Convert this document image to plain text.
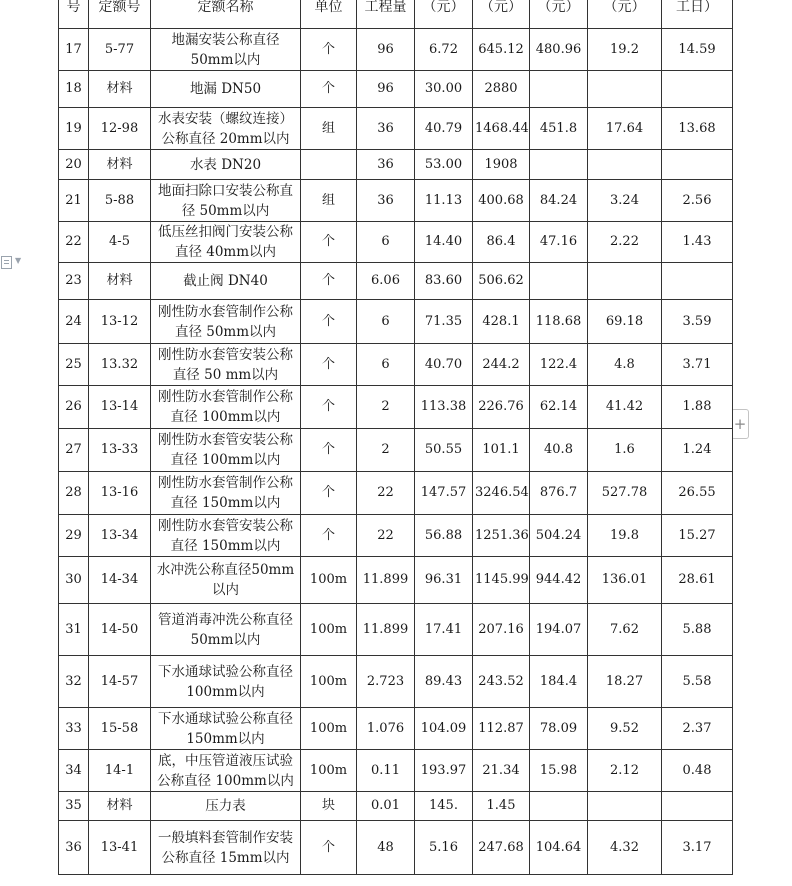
▼
+
号	定额号	定额名称	单位	工程量	（元）	（元）	（元）	（元）	工日）
17	5-77	地漏安装公称直径50mm以内	个	96	6.72	645.12	480.96	19.2	14.59
18	材料	地漏 DN50	个	96	30.00	2880			
19	12-98	水表安装（螺纹连接）公称直径 20mm以内	组	36	40.79	1468.44	451.8	17.64	13.68
20	材料	水表 DN20		36	53.00	1908			
21	5-88	地面扫除口安装公称直径 50mm以内	组	36	11.13	400.68	84.24	3.24	2.56
22	4-5	低压丝扣阀门安装公称直径 40mm以内	个	6	14.40	86.4	47.16	2.22	1.43
23	材料	截止阀 DN40	个	6.06	83.60	506.62			
24	13-12	刚性防水套管制作公称直径 50mm以内	个	6	71.35	428.1	118.68	69.18	3.59
25	13.32	刚性防水套管安装公称直径 50 mm以内	个	6	40.70	244.2	122.4	4.8	3.71
26	13-14	刚性防水套管制作公称直径 100mm以内	个	2	113.38	226.76	62.14	41.42	1.88
27	13-33	刚性防水套管安装公称直径 100mm以内	个	2	50.55	101.1	40.8	1.6	1.24
28	13-16	刚性防水套管制作公称直径 150mm以内	个	22	147.57	3246.54	876.7	527.78	26.55
29	13-34	刚性防水套管安装公称直径 150mm以内	个	22	56.88	1251.36	504.24	19.8	15.27
30	14-34	水冲洗公称直径50mm以内	100m	11.899	96.31	1145.99	944.42	136.01	28.61
31	14-50	管道消毒冲洗公称直径 50mm以内	100m	11.899	17.41	207.16	194.07	7.62	5.88
32	14-57	下水通球试验公称直径 100mm以内	100m	2.723	89.43	243.52	184.4	18.27	5.58
33	15-58	下水通球试验公称直径 150mm以内	100m	1.076	104.09	112.87	78.09	9.52	2.37
34	14-1	底，中压管道液压试验公称直径 100mm以内	100m	0.11	193.97	21.34	15.98	2.12	0.48
35	材料	压力表	块	0.01	145.	1.45			
36	13-41	一般填料套管制作安装公称直径 15mm以内	个	48	5.16	247.68	104.64	4.32	3.17
